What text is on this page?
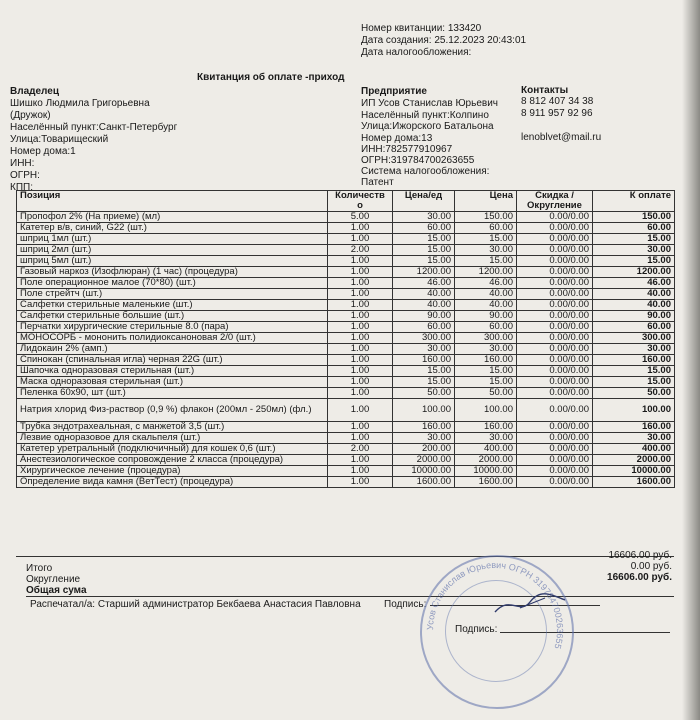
Номер квитанции: 133420
Дата создания: 25.12.2023 20:43:01
Дата налогообложения:
Квитанция об оплате -приход
Владелец
Шишко Людмила Григорьевна
(Дружок)
Населённый пункт:Санкт-Петербург
Улица:Товарищеский
Номер дома:1
ИНН:
ОГРН:
КПП:
Предприятие
ИП Усов Станислав Юрьевич
Населённый пункт:Колпино
Улица:Ижорского Батальона
Номер дома:13
ИНН:782577910967
ОГРН:319784700263655
Система налогообложения:
Патент
Контакты
8 812 407 34 38
8 911 957 92 96
lenoblvet@mail.ru
Позиция	Количеств
о	Цена/ед	Цена	Скидка /
Округление	К оплате
Пропофол 2% (На приеме) (мл)	5.00	30.00	150.00	0.00/0.00	150.00
Катетер в/в, синий, G22 (шт.)	1.00	60.00	60.00	0.00/0.00	60.00
шприц 1мл (шт.)	1.00	15.00	15.00	0.00/0.00	15.00
шприц 2мл (шт.)	2.00	15.00	30.00	0.00/0.00	30.00
шприц 5мл (шт.)	1.00	15.00	15.00	0.00/0.00	15.00
Газовый наркоз (Изофлюран) (1 час) (процедура)	1.00	1200.00	1200.00	0.00/0.00	1200.00
Поле операционное малое (70*80) (шт.)	1.00	46.00	46.00	0.00/0.00	46.00
Поле стрейтч (шт.)	1.00	40.00	40.00	0.00/0.00	40.00
Салфетки стерильные маленькие (шт.)	1.00	40.00	40.00	0.00/0.00	40.00
Салфетки стерильные большие (шт.)	1.00	90.00	90.00	0.00/0.00	90.00
Перчатки хирургические стерильные 8.0 (пара)	1.00	60.00	60.00	0.00/0.00	60.00
МОНОСОРБ - мононить полидиоксаноновая 2/0 (шт.)	1.00	300.00	300.00	0.00/0.00	300.00
Лидокаин 2% (амп.)	1.00	30.00	30.00	0.00/0.00	30.00
Спинокан (спинальная игла) черная 22G (шт.)	1.00	160.00	160.00	0.00/0.00	160.00
Шапочка одноразовая стерильная (шт.)	1.00	15.00	15.00	0.00/0.00	15.00
Маска одноразовая стерильная (шт.)	1.00	15.00	15.00	0.00/0.00	15.00
Пеленка 60х90, шт (шт.)	1.00	50.00	50.00	0.00/0.00	50.00
Натрия хлорид Физ-раствор (0,9 %) флакон (200мл - 250мл) (фл.)	1.00	100.00	100.00	0.00/0.00	100.00
Трубка эндотрахеальная, с манжетой 3,5 (шт.)	1.00	160.00	160.00	0.00/0.00	160.00
Лезвие одноразовое для скальпеля (шт.)	1.00	30.00	30.00	0.00/0.00	30.00
Катетер уретральный (подключичный) для кошек 0,6 (шт.)	2.00	200.00	400.00	0.00/0.00	400.00
Анестезиологическое сопровождение 2 класса (процедура)	1.00	2000.00	2000.00	0.00/0.00	2000.00
Хирургическое лечение (процедура)	1.00	10000.00	10000.00	0.00/0.00	10000.00
Определение вида камня (ВетТест) (процедура)	1.00	1600.00	1600.00	0.00/0.00	1600.00
Итого
16606.00 руб.
Округление
0.00 руб.
Общая сума
16606.00 руб.
Распечатал/а: Старший администратор Бекбаева Анастасия Павловна Подпись:
Подпись:
Усов Станислав Юрьевич ОГРН 319784700263655
